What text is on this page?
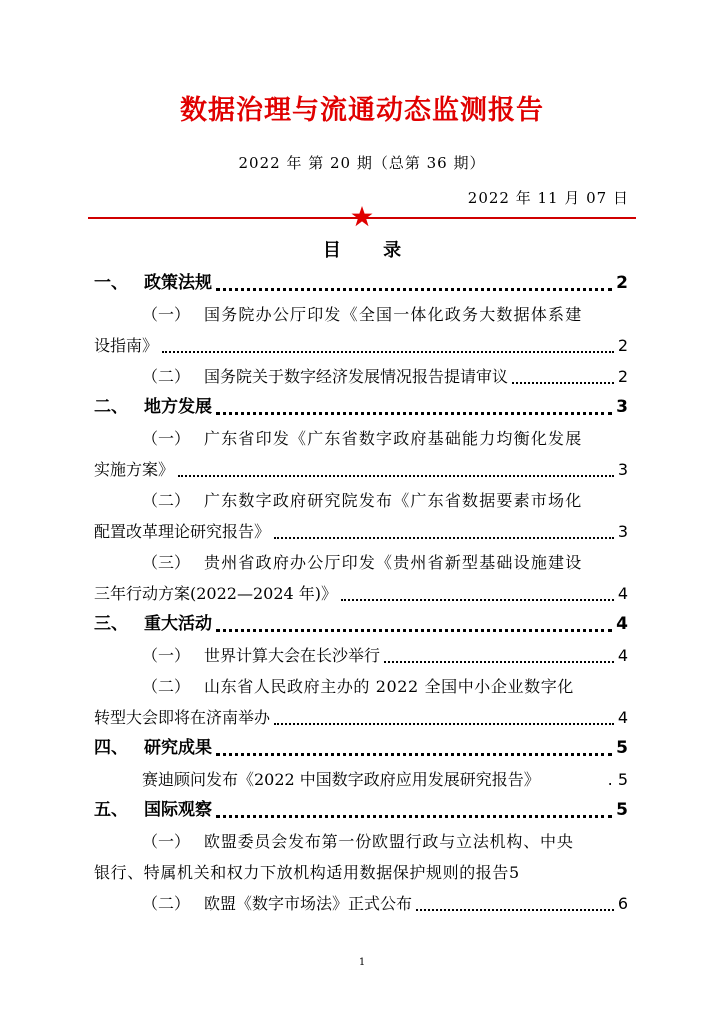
数据治理与流通动态监测报告
2022 年 第 20 期（总第 36 期）
2022 年 11 月 07 日
目 录
一、 政策法规	2
（一） 国务院办公厅印发《全国一体化政务大数据体系建
设指南》	2
（二） 国务院关于数字经济发展情况报告提请审议	2
二、 地方发展	3
（一） 广东省印发《广东省数字政府基础能力均衡化发展
实施方案》	3
（二） 广东数字政府研究院发布《广东省数据要素市场化
配置改革理论研究报告》	3
（三） 贵州省政府办公厅印发《贵州省新型基础设施建设
三年行动方案(2022—2024 年)》	4
三、 重大活动	4
（一） 世界计算大会在长沙举行	4
（二） 山东省人民政府主办的 2022 全国中小企业数字化
转型大会即将在济南举办	4
四、 研究成果	5
赛迪顾问发布《2022 中国数字政府应用发展研究报告》	. 5
五、 国际观察	5
（一） 欧盟委员会发布第一份欧盟行政与立法机构、中央
银行、特属机关和权力下放机构适用数据保护规则的报告5
（二） 欧盟《数字市场法》正式公布	6
1
